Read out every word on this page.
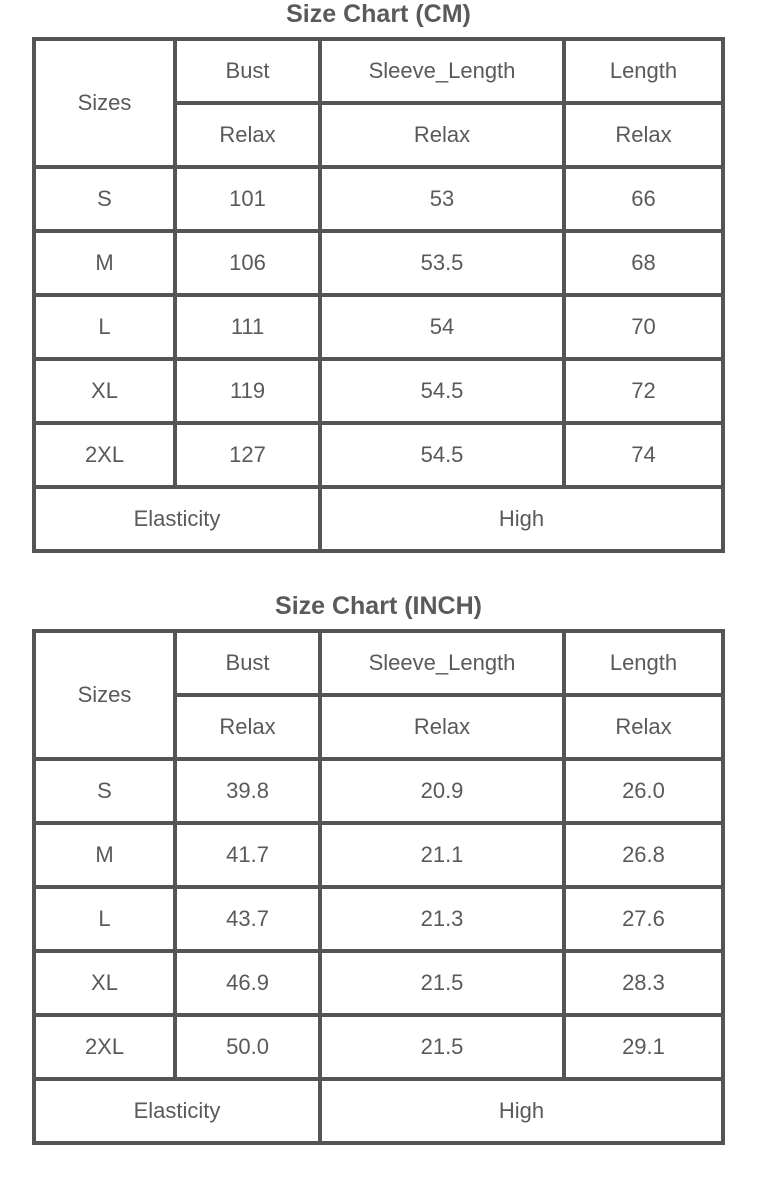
Size Chart (CM)
Sizes	Bust	Sleeve_Length	Length
	Relax	Relax	Relax
S	101	53	66
M	106	53.5	68
L	111	54	70
XL	119	54.5	72
2XL	127	54.5	74
Elasticity		High	
Size Chart (INCH)
Sizes	Bust	Sleeve_Length	Length
	Relax	Relax	Relax
S	39.8	20.9	26.0
M	41.7	21.1	26.8
L	43.7	21.3	27.6
XL	46.9	21.5	28.3
2XL	50.0	21.5	29.1
Elasticity		High	
